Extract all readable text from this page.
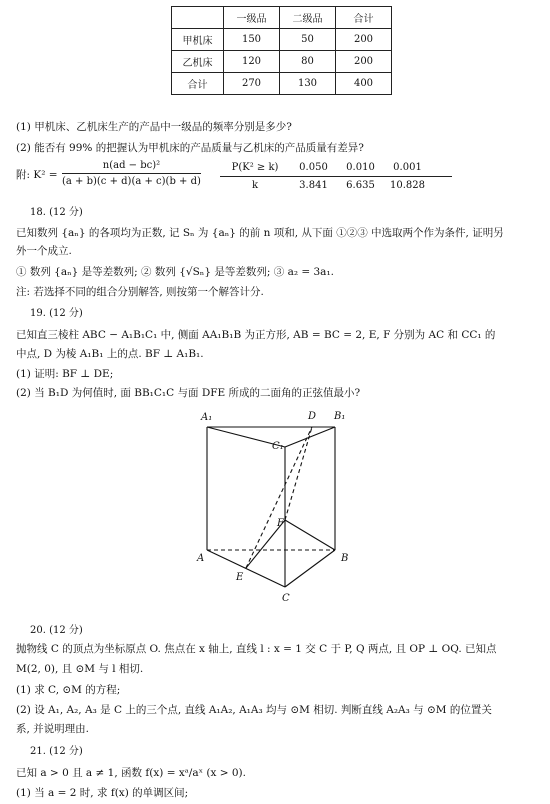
	一级品	二级品	合计
甲机床	150	50	200
乙机床	120	80	200
合计	270	130	400
(1) 甲机床、乙机床生产的产品中一级品的频率分别是多少?
(2) 能否有 99% 的把握认为甲机床的产品质量与乙机床的产品质量有差异?
附: $K^2 = \frac{\text{n(ad − bc)²}}{(a + b)(c + d)(a + c)(b + d)}$	P(K² ≥ k)	0.050	0.010	0.001
k	3.841	6.635	10.828
18. (12 分)
已知数列 {aₙ} 的各项均为正数, 记 Sₙ 为 {aₙ} 的前 n 项和, 从下面 ①②③ 中选取两个作为条件, 证明另
外一个成立.
① 数列 {aₙ} 是等差数列; ② 数列 {√Sₙ} 是等差数列; ③ a₂ = 3a₁.
注: 若选择不同的组合分别解答, 则按第一个解答计分.
19. (12 分)
已知直三棱柱 ABC − A₁B₁C₁ 中, 侧面 AA₁B₁B 为正方形, AB = BC = 2, E, F 分别为 AC 和 CC₁ 的
中点, D 为棱 A₁B₁ 上的点. BF ⊥ A₁B₁.
(1) 证明: BF ⊥ DE;
(2) 当 B₁D 为何值时, 面 BB₁C₁C 与面 DFE 所成的二面角的正弦值最小?
A₁	D B₁
C₁
F
A
E
B
C
20. (12 分)
抛物线 C 的顶点为坐标原点 O. 焦点在 x 轴上, 直线 l : x = 1 交 C 于 P, Q 两点, 且 OP ⊥ OQ. 已知点
M(2, 0), 且 ⊙M 与 l 相切.
(1) 求 C, ⊙M 的方程;
(2) 设 A₁, A₂, A₃ 是 C 上的三个点, 直线 A₁A₂, A₁A₃ 均与 ⊙M 相切. 判断直线 A₂A₃ 与 ⊙M 的位置关
系, 并说明理由.
21. (12 分)
已知 a > 0 且 a ≠ 1, 函数 f(x) = xᵃ/aˣ (x > 0).
(1) 当 a = 2 时, 求 f(x) 的单调区间;
